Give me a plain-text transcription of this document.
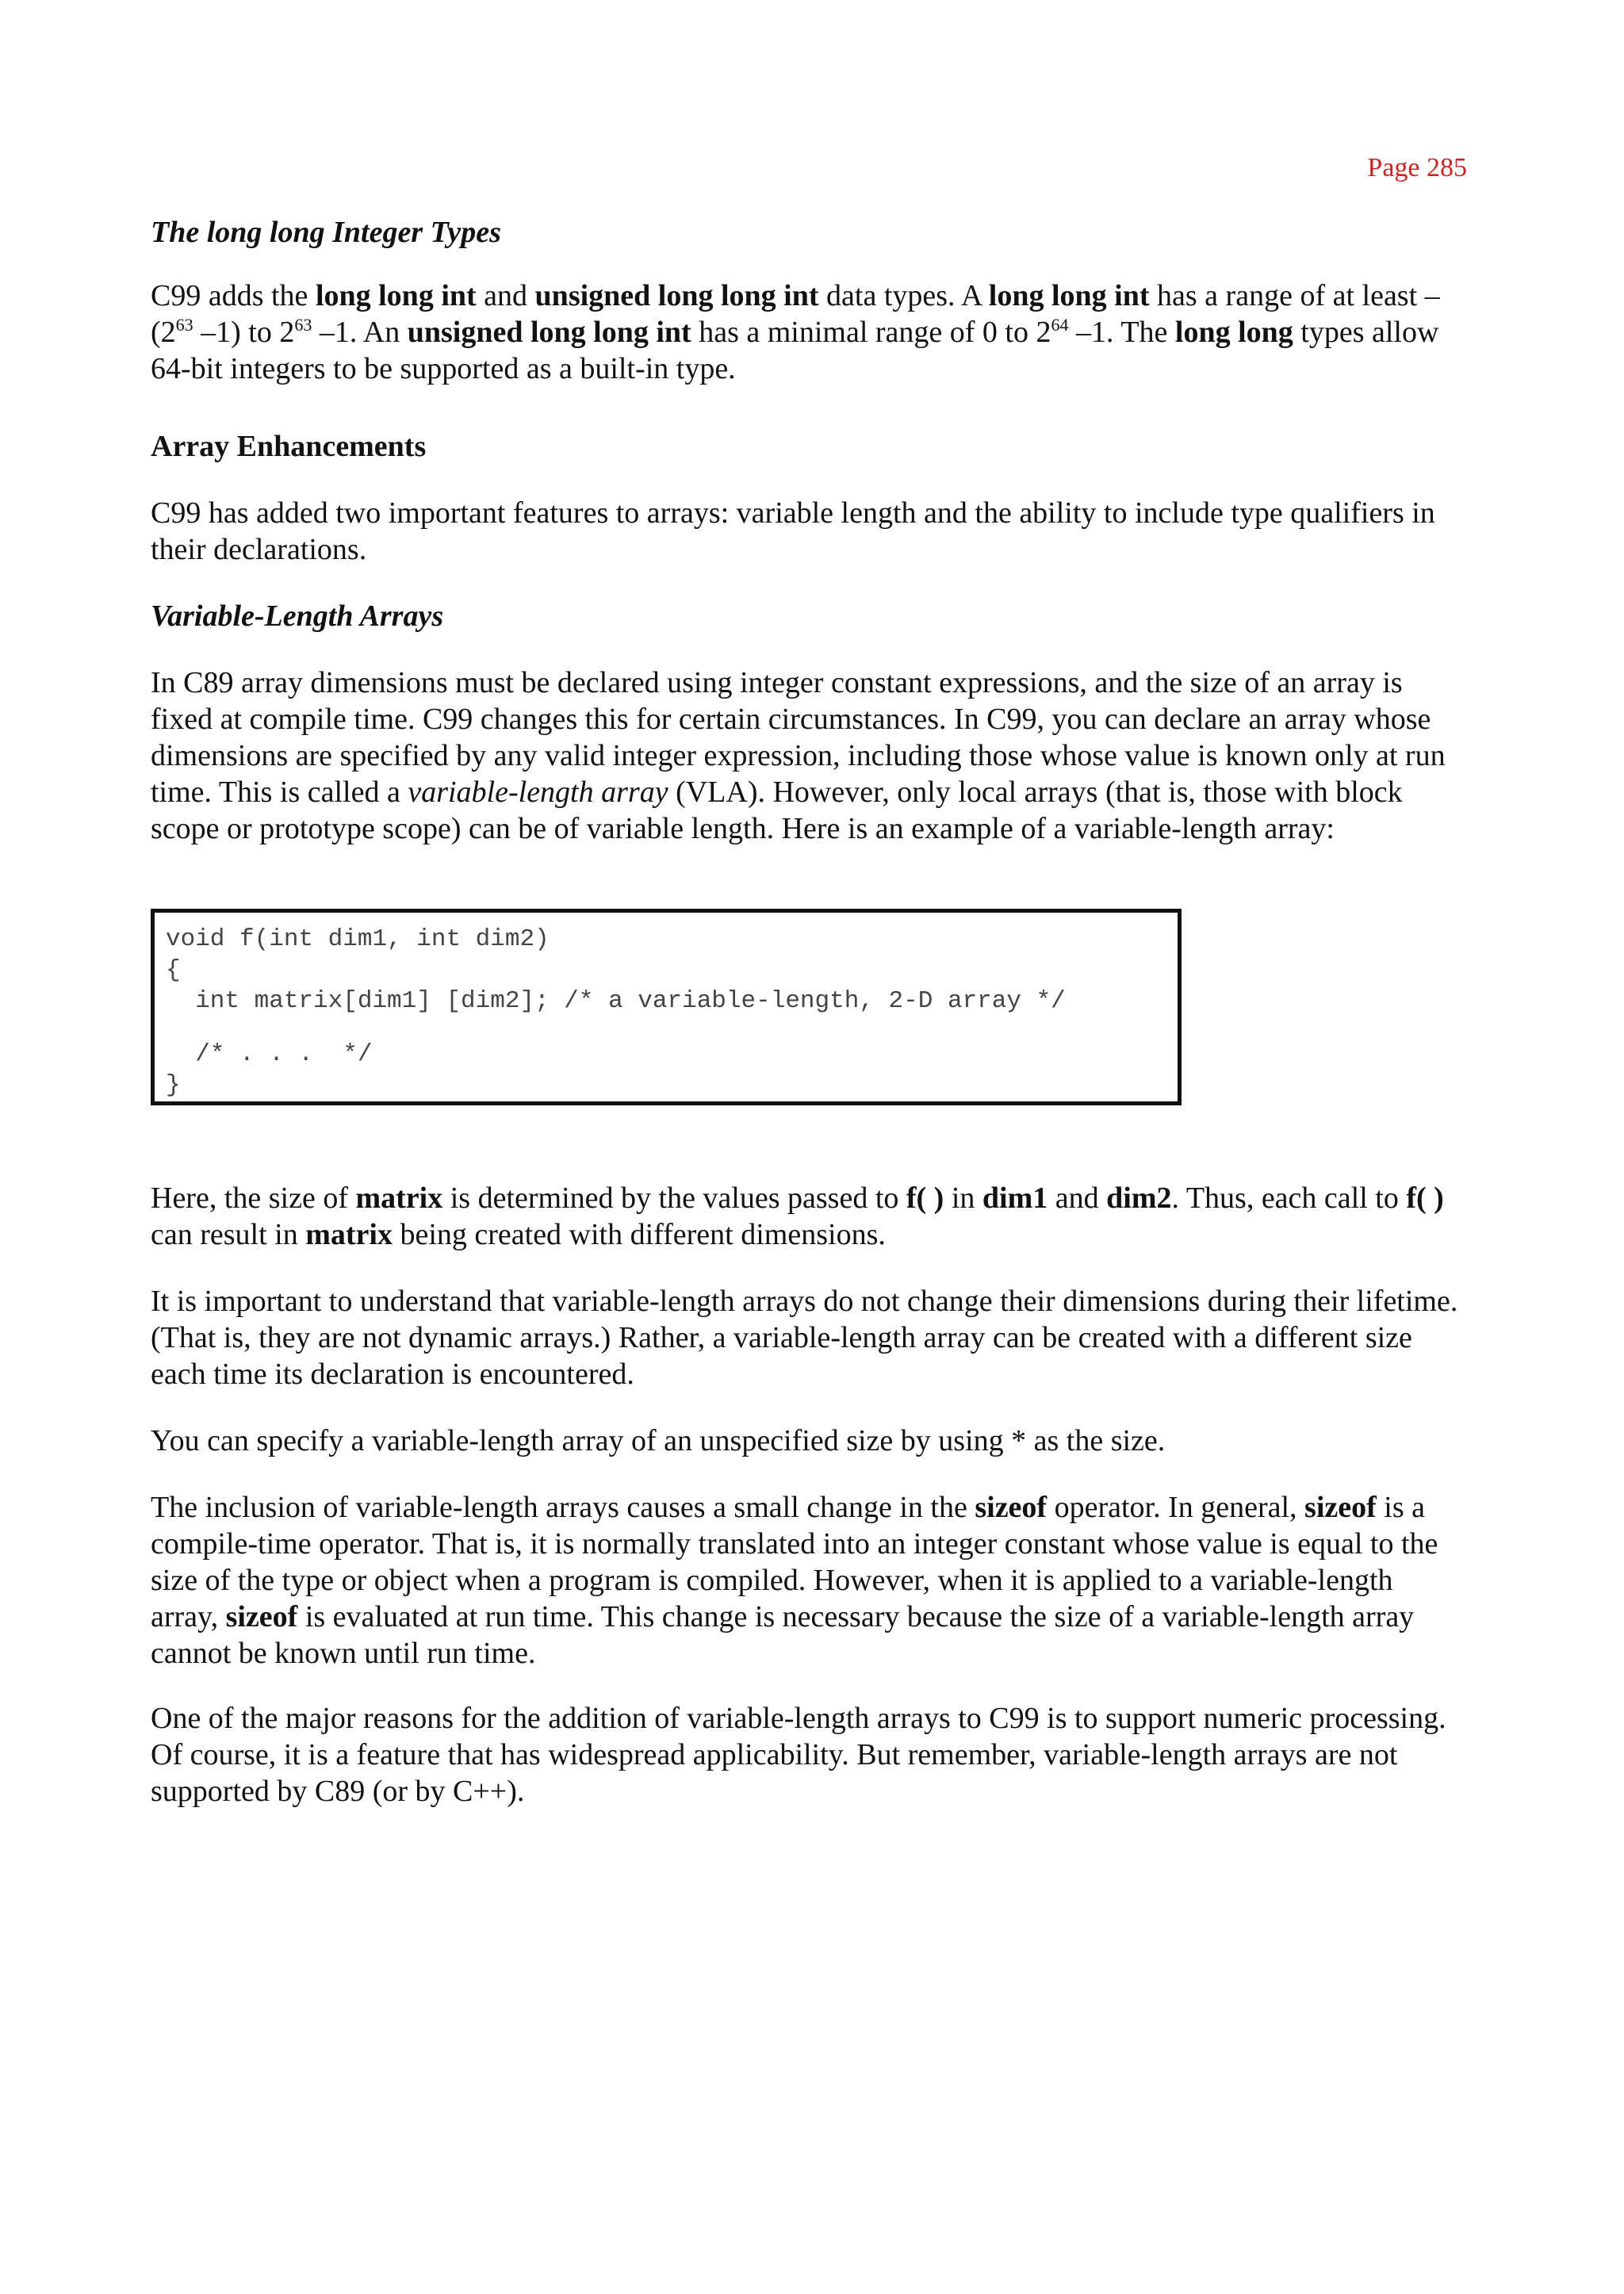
Page 285
The long long Integer Types

C99 adds the long long int and unsigned long long int data types. A long long int has a range of at least $-(2^{63}$ –1) to $2^{63}$ –1. An unsigned long long int has a minimal range of 0 to $2^{64}$ –1. The long long types allow 64-bit integers to be supported as a built-in type.

Array Enhancements

C99 has added two important features to arrays: variable length and the ability to include type qualifiers in their declarations.

Variable-Length Arrays

In C89 array dimensions must be declared using integer constant expressions, and the size of an array is fixed at compile time. C99 changes this for certain circumstances. In C99, you can declare an array whose dimensions are specified by any valid integer expression, including those whose value is known only at run time. This is called a variable-length array (VLA). However, only local arrays (that is, those with block scope or prototype scope) can be of variable length. Here is an example of a variable-length array:

void f(int dim1, int dim2)
{
int matrix[dim1] [dim2]; /* a variable-length, 2-D array */
/* . . .  */
}

Here, the size of matrix is determined by the values passed to f( ) in dim1 and dim2. Thus, each call to f( ) can result in matrix being created with different dimensions.

It is important to understand that variable-length arrays do not change their dimensions during their lifetime. (That is, they are not dynamic arrays.) Rather, a variable-length array can be created with a different size each time its declaration is encountered.

You can specify a variable-length array of an unspecified size by using * as the size.

The inclusion of variable-length arrays causes a small change in the sizeof operator. In general, sizeof is a compile-time operator. That is, it is normally translated into an integer constant whose value is equal to the size of the type or object when a program is compiled. However, when it is applied to a variable-length array, sizeof is evaluated at run time. This change is necessary because the size of a variable-length array cannot be known until run time.

One of the major reasons for the addition of variable-length arrays to C99 is to support numeric processing. Of course, it is a feature that has widespread applicability. But remember, variable-length arrays are not supported by C89 (or by C++).
